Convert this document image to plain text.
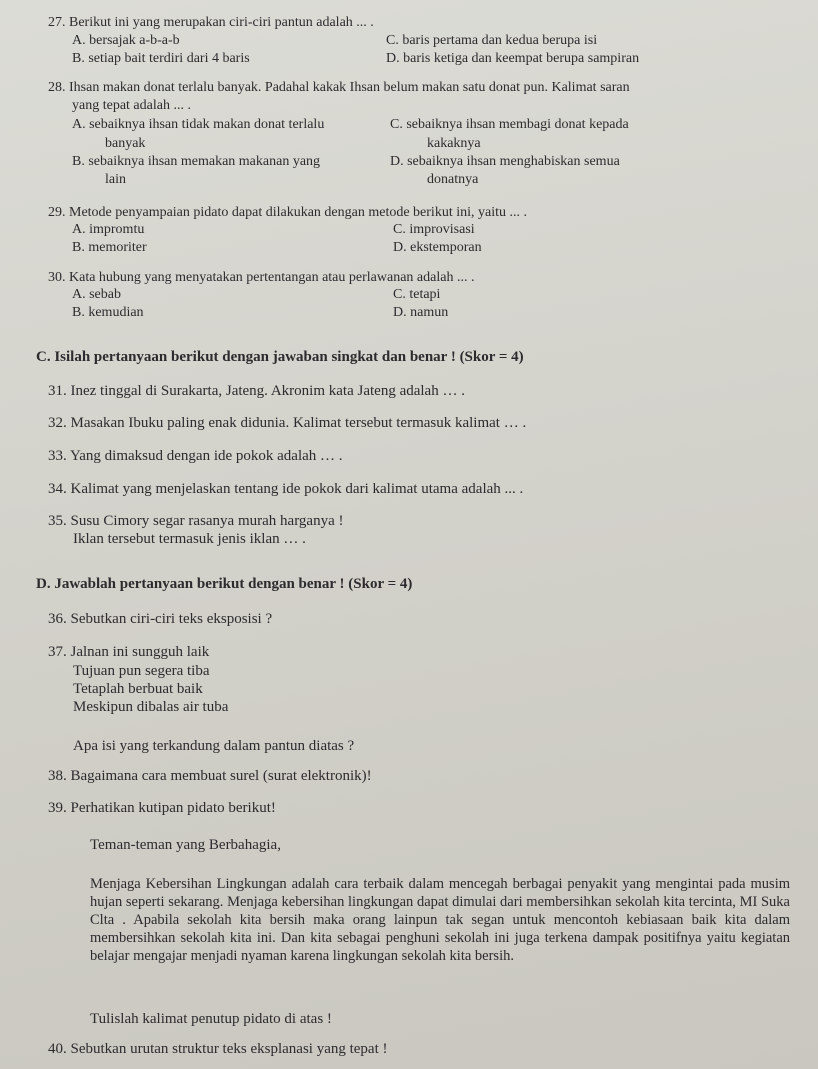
27. Berikut ini yang merupakan ciri-ciri pantun adalah ... .
A. bersajak a-b-a-b
B. setiap bait terdiri dari 4 baris
C. baris pertama dan kedua berupa isi
D. baris ketiga dan keempat berupa sampiran
28. Ihsan makan donat terlalu banyak. Padahal kakak Ihsan belum makan satu donat pun. Kalimat saran
yang tepat adalah ... .
A. sebaiknya ihsan tidak makan donat terlalu
banyak
B. sebaiknya ihsan memakan makanan yang
lain
C. sebaiknya ihsan membagi donat kepada
kakaknya
D. sebaiknya ihsan menghabiskan semua
donatnya
29. Metode penyampaian pidato dapat dilakukan dengan metode berikut ini, yaitu ... .
A. impromtu
B. memoriter
C. improvisasi
D. ekstemporan
30. Kata hubung yang menyatakan pertentangan atau perlawanan adalah ... .
A. sebab
B. kemudian
C. tetapi
D. namun
C. Isilah pertanyaan berikut dengan jawaban singkat dan benar ! (Skor = 4)
31. Inez tinggal di Surakarta, Jateng. Akronim kata Jateng adalah … .
32. Masakan Ibuku paling enak didunia. Kalimat tersebut termasuk kalimat … .
33. Yang dimaksud dengan ide pokok adalah … .
34. Kalimat yang menjelaskan tentang ide pokok dari kalimat utama adalah ... .
35. Susu Cimory segar rasanya murah harganya !
Iklan tersebut termasuk jenis iklan … .
D. Jawablah pertanyaan berikut dengan benar ! (Skor = 4)
36. Sebutkan ciri-ciri teks eksposisi ?
37. Jalnan ini sungguh laik
Tujuan pun segera tiba
Tetaplah berbuat baik
Meskipun dibalas air tuba
Apa isi yang terkandung dalam pantun diatas ?
38. Bagaimana cara membuat surel (surat elektronik)!
39. Perhatikan kutipan pidato berikut!
Teman-teman yang Berbahagia,
Menjaga Kebersihan Lingkungan adalah cara terbaik dalam mencegah berbagai penyakit yang mengintai pada musim hujan seperti sekarang. Menjaga kebersihan lingkungan dapat dimulai dari membersihkan sekolah kita tercinta, MI Suka Clta . Apabila sekolah kita bersih maka orang lainpun tak segan untuk mencontoh kebiasaan baik kita dalam membersihkan sekolah kita ini. Dan kita sebagai penghuni sekolah ini juga terkena dampak positifnya yaitu kegiatan belajar mengajar menjadi nyaman karena lingkungan sekolah kita bersih.
Tulislah kalimat penutup pidato di atas !
40. Sebutkan urutan struktur teks eksplanasi yang tepat !
